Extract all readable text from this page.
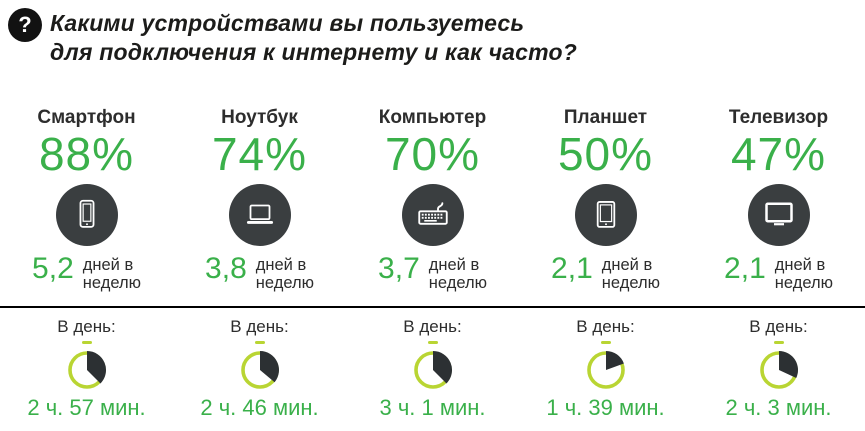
? Какими устройствами вы пользуетесь
для подключения к интернету и как часто?
Смартфон
88%
5,2 дней в
неделю
Ноутбук
74%
3,8 дней в
неделю
Компьютер
70%
3,7 дней в
неделю
Планшет
50%
2,1 дней в
неделю
Телевизор
47%
2,1 дней в
неделю
В день:
2 ч. 57 мин.
В день:
2 ч. 46 мин.
В день:
3 ч. 1 мин.
В день:
1 ч. 39 мин.
В день:
2 ч. 3 мин.
